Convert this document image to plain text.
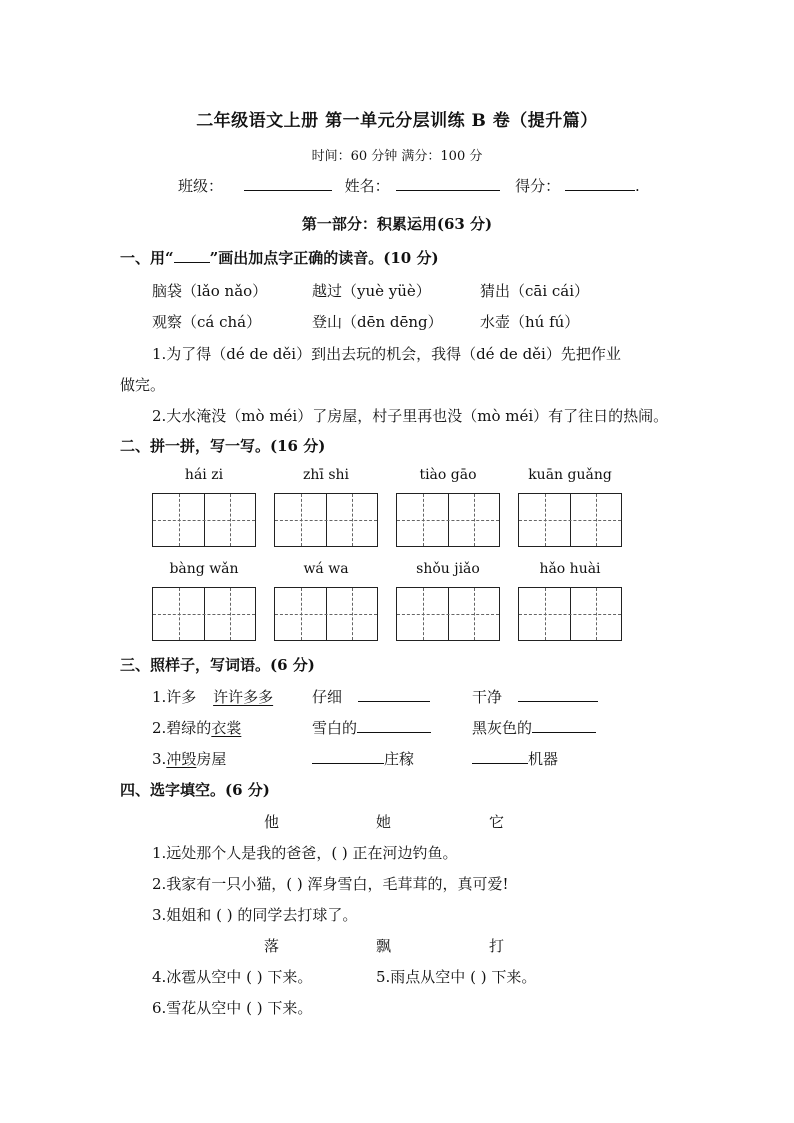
二年级语文上册 第一单元分层训练 B 卷（提升篇）
时间：60 分钟 满分：100 分
班级：	姓名：	得分：	.
第一部分：积累运用(63 分)
一、用“ ”画出加点字正确的读音。(10 分)
脑袋（lǎo nǎo）	越过（yuè yüè）	猜出（cāi cái）
观察（cá chá）	登山（dēn dēng） 水壶（hú fú）
1.为了得（dé de děi）到出去玩的机会，我得（dé de děi）先把作业
做完。
2.大水淹没（mò méi）了房屋，村子里再也没（mò méi）有了往日的热闹。
二、拼一拼，写一写。(16 分)
hái zi	zhī shi	tiào gāo	kuān guǎng
bàng wǎn	wá wa	shǒu jiǎo	hǎo huài
三、照样子，写词语。(6 分)
1.许多 许许多多	仔细	干净
2.碧绿的衣裳	雪白的	黑灰色的
3.冲毁房屋	庄稼	机器
四、选字填空。(6 分)
他	她	它
1.远处那个人是我的爸爸，( ) 正在河边钓鱼。
2.我家有一只小猫，( ) 浑身雪白，毛茸茸的，真可爱!
3.姐姐和 ( ) 的同学去打球了。
落	飘	打
4.冰雹从空中 ( ) 下来。	5.雨点从空中 ( ) 下来。
6.雪花从空中 ( ) 下来。
